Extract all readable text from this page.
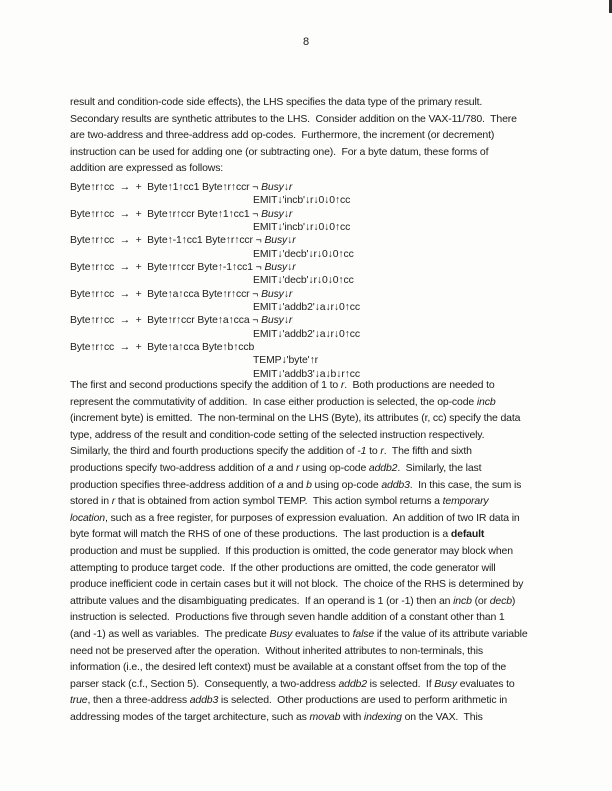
8
result and condition-code side effects), the LHS specifies the data type of the primary result.
Secondary results are synthetic attributes to the LHS.  Consider addition on the VAX-11/780.  There
are two-address and three-address add op-codes.  Furthermore, the increment (or decrement)
instruction can be used for adding one (or subtracting one).  For a byte datum, these forms of
addition are expressed as follows:
Byte↑r↑cc  →  +  Byte↑1↑cc1 Byte↑r↑ccr ¬ Busy↓r
EMIT↓'incb'↓r↓0↓0↑cc
Byte↑r↑cc  →  +  Byte↑r↑ccr Byte↑1↑cc1 ¬ Busy↓r
EMIT↓'incb'↓r↓0↓0↑cc
Byte↑r↑cc  →  +  Byte↑-1↑cc1 Byte↑r↑ccr ¬ Busy↓r
EMIT↓'decb'↓r↓0↓0↑cc
Byte↑r↑cc  →  +  Byte↑r↑ccr Byte↑-1↑cc1 ¬ Busy↓r
EMIT↓'decb'↓r↓0↓0↑cc
Byte↑r↑cc  →  +  Byte↑a↑cca Byte↑r↑ccr ¬ Busy↓r
EMIT↓'addb2'↓a↓r↓0↑cc
Byte↑r↑cc  →  +  Byte↑r↑ccr Byte↑a↑cca ¬ Busy↓r
EMIT↓'addb2'↓a↓r↓0↑cc
Byte↑r↑cc  →  +  Byte↑a↑cca Byte↑b↑ccb
TEMP↓'byte'↑r
EMIT↓'addb3'↓a↓b↓r↑cc
The first and second productions specify the addition of 1 to r.  Both productions are needed to
represent the commutativity of addition.  In case either production is selected, the op-code incb
(increment byte) is emitted.  The non-terminal on the LHS (Byte), its attributes (r, cc) specify the data
type, address of the result and condition-code setting of the selected instruction respectively.
Similarly, the third and fourth productions specify the addition of -1 to r.  The fifth and sixth
productions specify two-address addition of a and r using op-code addb2.  Similarly, the last
production specifies three-address addition of a and b using op-code addb3.  In this case, the sum is
stored in r that is obtained from action symbol TEMP.  This action symbol returns a temporary
location, such as a free register, for purposes of expression evaluation.  An addition of two IR data in
byte format will match the RHS of one of these productions.  The last production is a default
production and must be supplied.  If this production is omitted, the code generator may block when
attempting to produce target code.  If the other productions are omitted, the code generator will
produce inefficient code in certain cases but it will not block.  The choice of the RHS is determined by
attribute values and the disambiguating predicates.  If an operand is 1 (or -1) then an incb (or decb)
instruction is selected.  Productions five through seven handle addition of a constant other than 1
(and -1) as well as variables.  The predicate Busy evaluates to false if the value of its attribute variable
need not be preserved after the operation.  Without inherited attributes to non-terminals, this
information (i.e., the desired left context) must be available at a constant offset from the top of the
parser stack (c.f., Section 5).  Consequently, a two-address addb2 is selected.  If Busy evaluates to
true, then a three-address addb3 is selected.  Other productions are used to perform arithmetic in
addressing modes of the target architecture, such as movab with indexing on the VAX.  This
